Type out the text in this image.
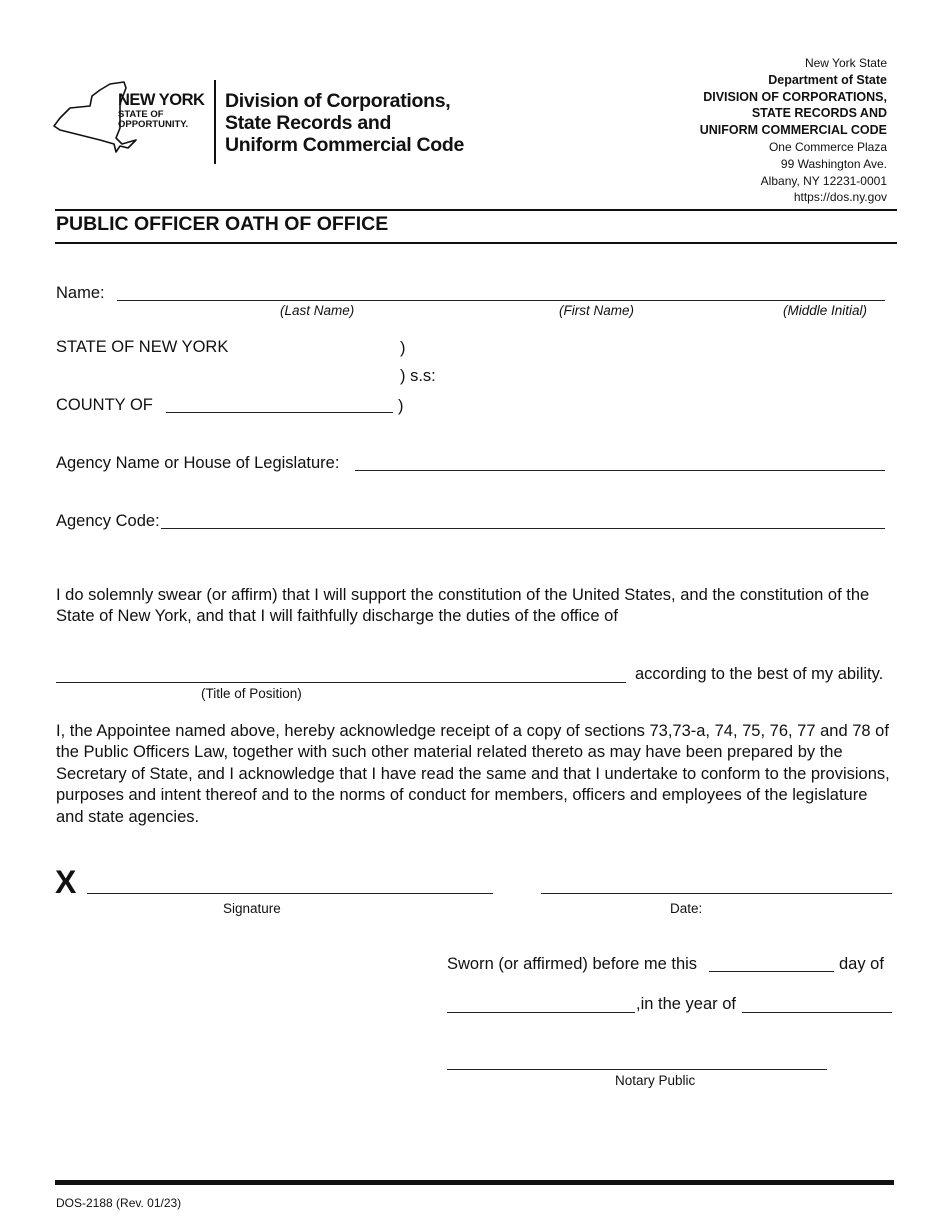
NEW YORK
STATE OF
OPPORTUNITY.
Division of Corporations,
State Records and
Uniform Commercial Code
New York State
Department of State
DIVISION OF CORPORATIONS,
STATE RECORDS AND
UNIFORM COMMERCIAL CODE
One Commerce Plaza
99 Washington Ave.
Albany, NY 12231-0001
https://dos.ny.gov
PUBLIC OFFICER OATH OF OFFICE
Name:
(Last Name)	(First Name)	(Middle Initial)
STATE OF NEW YORK	)
) s.s:
COUNTY OF	)
Agency Name or House of Legislature:
Agency Code:
I do solemnly swear (or affirm) that I will support the constitution of the United States, and the constitution of the State of New York, and that I will faithfully discharge the duties of the office of
according to the best of my ability.
(Title of Position)
I, the Appointee named above, hereby acknowledge receipt of a copy of sections 73,73-a, 74, 75, 76, 77 and 78 of the Public Officers Law, together with such other material related thereto as may have been prepared by the Secretary of State, and I acknowledge that I have read the same and that I undertake to conform to the provisions, purposes and intent thereof and to the norms of conduct for members, officers and employees of the legislature and state agencies.
X
Signature	Date:
Sworn (or affirmed) before me this	day of
,in the year of
Notary Public
DOS-2188 (Rev. 01/23)
